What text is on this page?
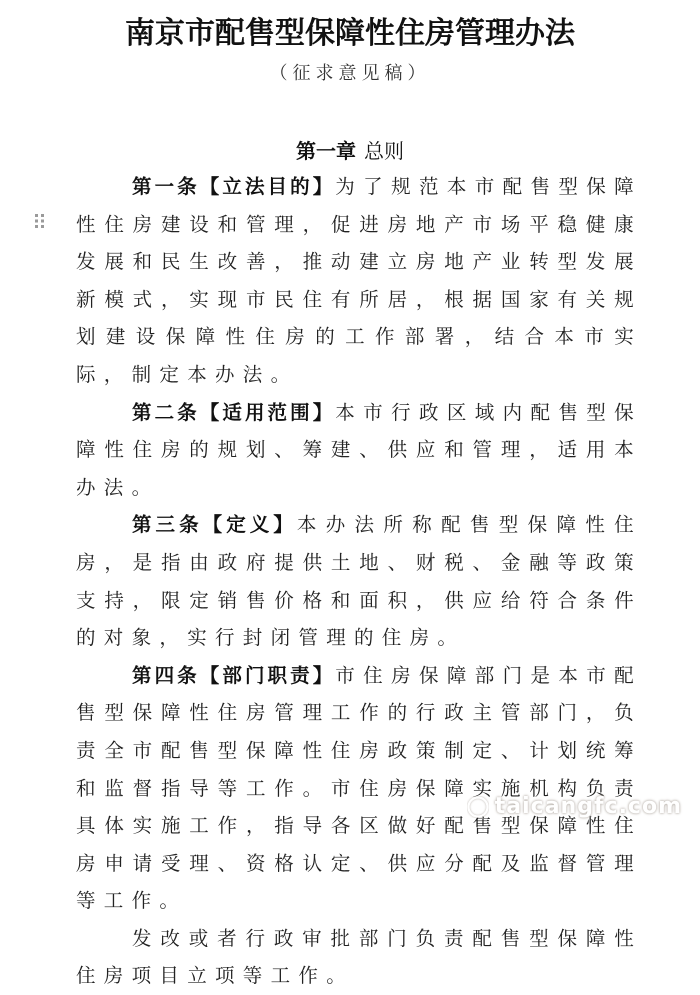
南京市配售型保障性住房管理办法
（征求意见稿）
第一章 总则

第一条【立法目的】为了规范本市配售型保障性住房建设和管理，促进房地产市场平稳健康发展和民生改善，推动建立房地产业转型发展新模式，实现市民住有所居，根据国家有关规划建设保障性住房的工作部署，结合本市实际，制定本办法。

第二条【适用范围】本市行政区域内配售型保障性住房的规划、筹建、供应和管理，适用本办法。

第三条【定义】本办法所称配售型保障性住房，是指由政府提供土地、财税、金融等政策支持，限定销售价格和面积，供应给符合条件的对象，实行封闭管理的住房。

第四条【部门职责】市住房保障部门是本市配售型保障性住房管理工作的行政主管部门，负责全市配售型保障性住房政策制定、计划统筹和监督指导等工作。市住房保障实施机构负责具体实施工作，指导各区做好配售型保障性住房申请受理、资格认定、供应分配及监督管理等工作。

发改或者行政审批部门负责配售型保障性住房项目立项等工作。

taicangfc.com
